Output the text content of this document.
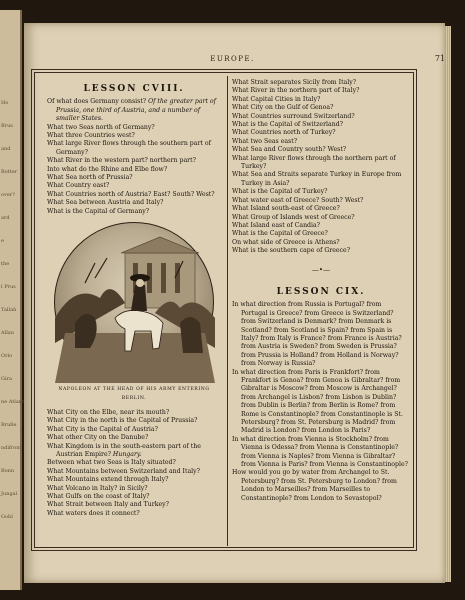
Ho
Brus
and
Rotter
over?
ard
e
the
l Prus
Tallah
Allan
Orlo
Gira
ne Atlant
Brulle
ndifrom
Bonn
Jungal
Gobl
EUROPE.	71
LESSON CVIII.
Of what does Germany consist? Of the greater part of Prussia, one third of Austria, and a number of smaller States.
What two Seas north of Germany?
What three Countries west?
What large River flows through the southern part of Germany?
What River in the western part? northern part?
Into what do the Rhine and Elbe flow?
What Sea north of Prussia?
What Country east?
What Countries north of Austria? East? South? West?
What Sea between Austria and Italy?
What is the Capital of Germany?
NAPOLEON AT THE HEAD OF HIS ARMY ENTERING BERLIN.
What City on the Elbe, near its mouth?
What City in the north is the Capital of Prussia?
What City is the Capital of Austria?
What other City on the Danube?
What Kingdom is in the south-eastern part of the Austrian Empire? Hungary.
Between what two Seas is Italy situated?
What Mountains between Switzerland and Italy?
What Mountains extend through Italy?
What Volcano in Italy? in Sicily?
What Gulfs on the coast of Italy?
What Strait between Italy and Turkey?
What waters does it connect?
What Strait separates Sicily from Italy?
What River in the northern part of Italy?
What Capital Cities in Italy?
What City on the Gulf of Genoa?
What Countries surround Switzerland?
What is the Capital of Switzerland?
What Countries north of Turkey?
What two Seas east?
What Sea and Country south? West?
What large River flows through the northern part of Turkey?
What Sea and Straits separate Turkey in Europe from Turkey in Asia?
What is the Capital of Turkey?
What water east of Greece? South? West?
What Island south-east of Greece?
What Group of Islands west of Greece?
What Island east of Candia?
What is the Capital of Greece?
On what side of Greece is Athens?
What is the southern cape of Greece?
—•—
LESSON CIX.
In what direction from Russia is Portugal? from Portugal is Greece? from Greece is Switzerland? from Switzerland is Denmark? from Denmark is Scotland? from Scotland is Spain? from Spain is Italy? from Italy is France? from France is Austria? from Austria is Sweden? from Sweden is Prussia? from Prussia is Holland? from Holland is Norway? from Norway is Russia?
In what direction from Paris is Frankfort? from Frankfort is Genoa? from Genoa is Gibraltar? from Gibraltar is Moscow? from Moscow is Archangel? from Archangel is Lisbon? from Lisbon is Dublin? from Dublin is Berlin? from Berlin is Rome? from Rome is Constantinople? from Constantinople is St. Petersburg? from St. Petersburg is Madrid? from Madrid is London? from London is Paris?
In what direction from Vienna is Stockholm? from Vienna is Odessa? from Vienna is Constantinople? from Vienna is Naples? from Vienna is Gibraltar? from Vienna is Paris? from Vienna is Constantinople?
How would you go by water from Archangel to St. Petersburg? from St. Petersburg to London? from London to Marseilles? from Marseilles to Constantinople? from London to Sevastopol?
